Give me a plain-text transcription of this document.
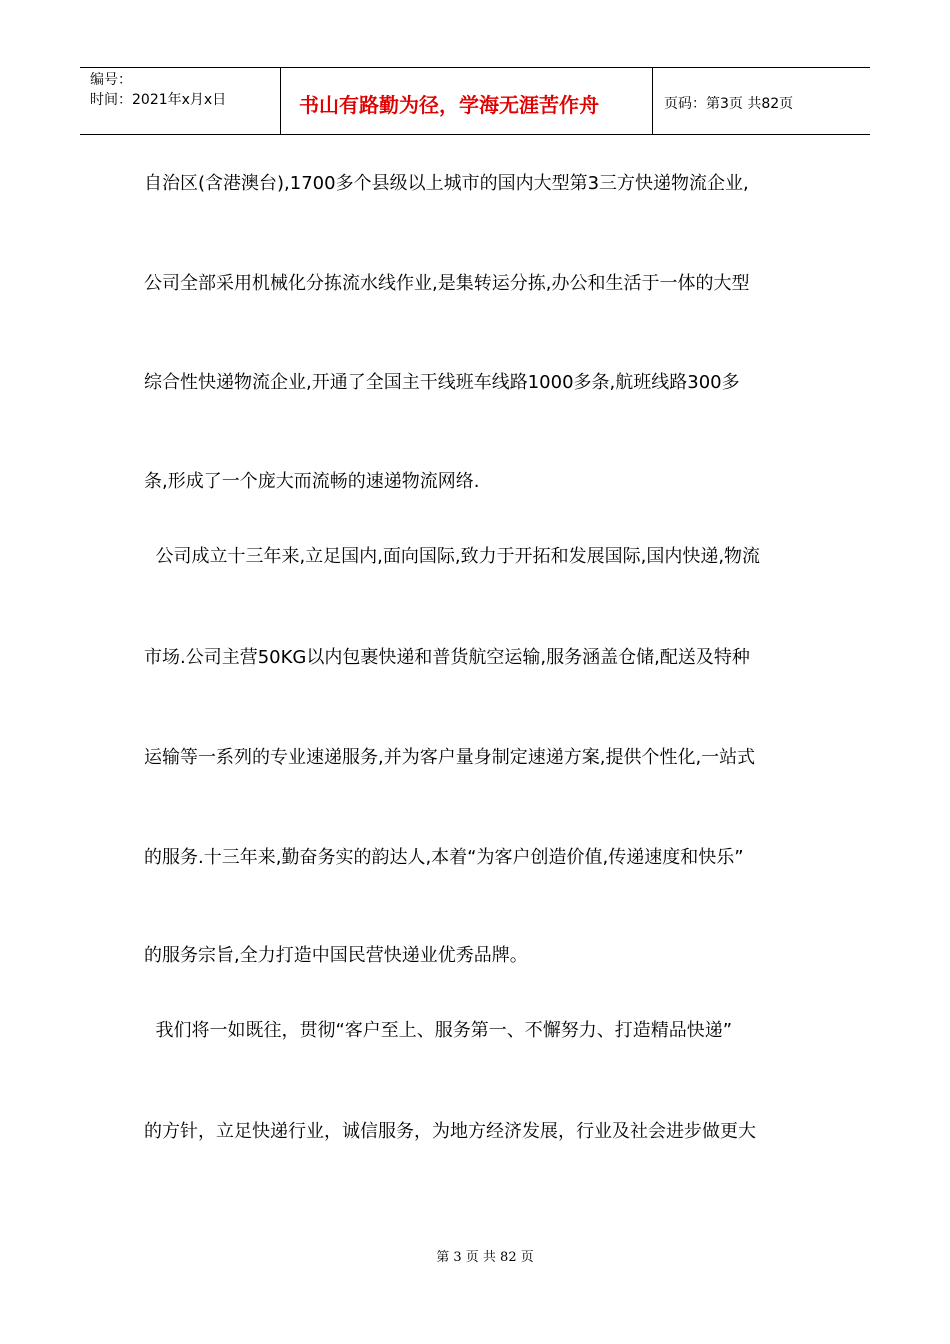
编号：
时间：2021年x月x日	书山有路勤为径，学海无涯苦作舟	页码：第3页 共82页
自治区(含港澳台),1700多个县级以上城市的国内大型第3三方快递物流企业,
公司全部采用机械化分拣流水线作业,是集转运分拣,办公和生活于一体的大型
综合性快递物流企业,开通了全国主干线班车线路1000多条,航班线路300多
条,形成了一个庞大而流畅的速递物流网络.
公司成立十三年来,立足国内,面向国际,致力于开拓和发展国际,国内快递,物流
市场.公司主营50KG以内包裹快递和普货航空运输,服务涵盖仓储,配送及特种
运输等一系列的专业速递服务,并为客户量身制定速递方案,提供个性化,一站式
的服务.十三年来,勤奋务实的韵达人,本着“为客户创造价值,传递速度和快乐”
的服务宗旨,全力打造中国民营快递业优秀品牌。
我们将一如既往，贯彻“客户至上、服务第一、不懈努力、打造精品快递”
的方针，立足快递行业，诚信服务，为地方经济发展，行业及社会进步做更大
第 3 页 共 82 页
